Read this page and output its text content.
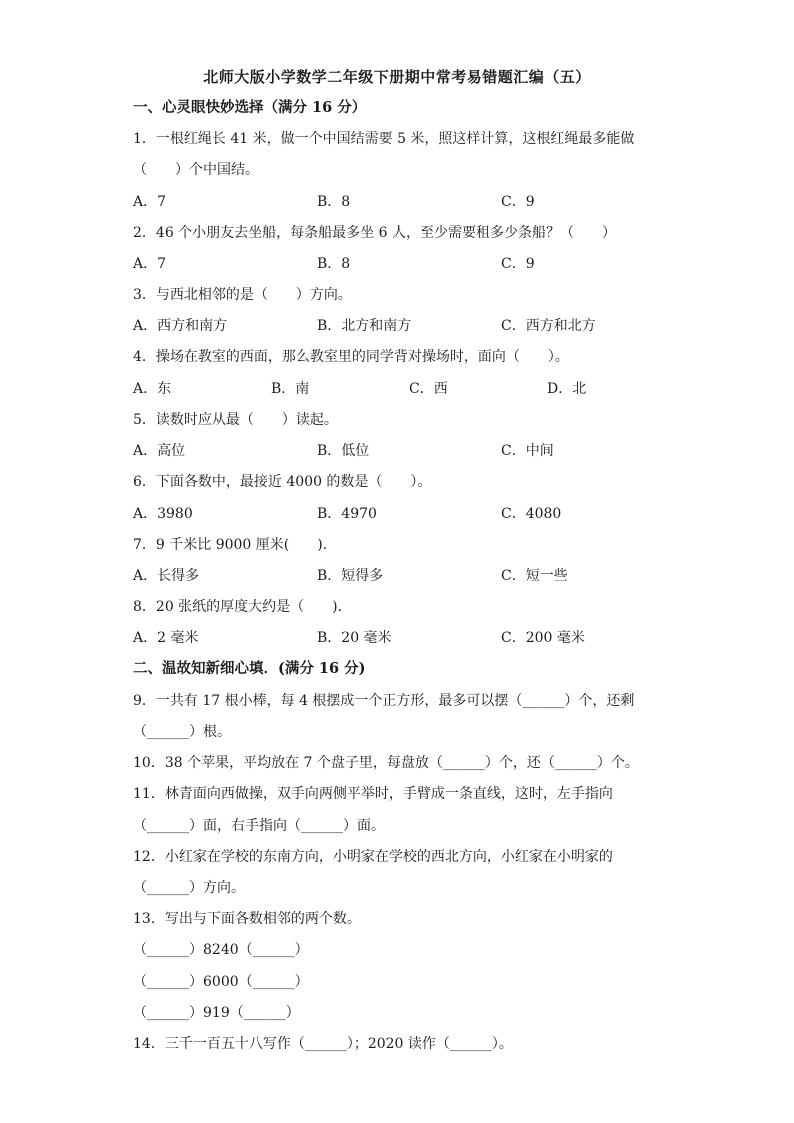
北师大版小学数学二年级下册期中常考易错题汇编（五）
一、心灵眼快妙选择（满分 16 分）
1．一根红绳长 41 米，做一个中国结需要 5 米，照这样计算，这根红绳最多能做
（　　）个中国结。
A．7	B．8	C．9
2．46 个小朋友去坐船，每条船最多坐 6 人，至少需要租多少条船？（　　）
A．7	B．8	C．9
3．与西北相邻的是（　　）方向。
A．西方和南方	B．北方和南方	C．西方和北方
4．操场在教室的西面，那么教室里的同学背对操场时，面向（　　）。
A．东	B．南	C．西	D．北
5．读数时应从最（　　）读起。
A．高位	B．低位	C．中间
6．下面各数中，最接近 4000 的数是（　　）。
A．3980	B．4970	C．4080
7．9 千米比 9000 厘米(　　)．
A．长得多	B．短得多	C．短一些
8．20 张纸的厚度大约是（　　)．
A．2 毫米	B．20 毫米	C．200 毫米
二、温故知新细心填．(满分 16 分)
9．一共有 17 根小棒，每 4 根摆成一个正方形，最多可以摆（______）个，还剩
（______）根。
10．38 个苹果，平均放在 7 个盘子里，每盘放（______）个，还（______）个。
11．林青面向西做操，双手向两侧平举时，手臂成一条直线，这时，左手指向
（______）面，右手指向（______）面。
12．小红家在学校的东南方向，小明家在学校的西北方向，小红家在小明家的
（______）方向。
13．写出与下面各数相邻的两个数。
（______）8240（______）
（______）6000（______）
（______）919（______）
14．三千一百五十八写作（______）；2020 读作（______）。
